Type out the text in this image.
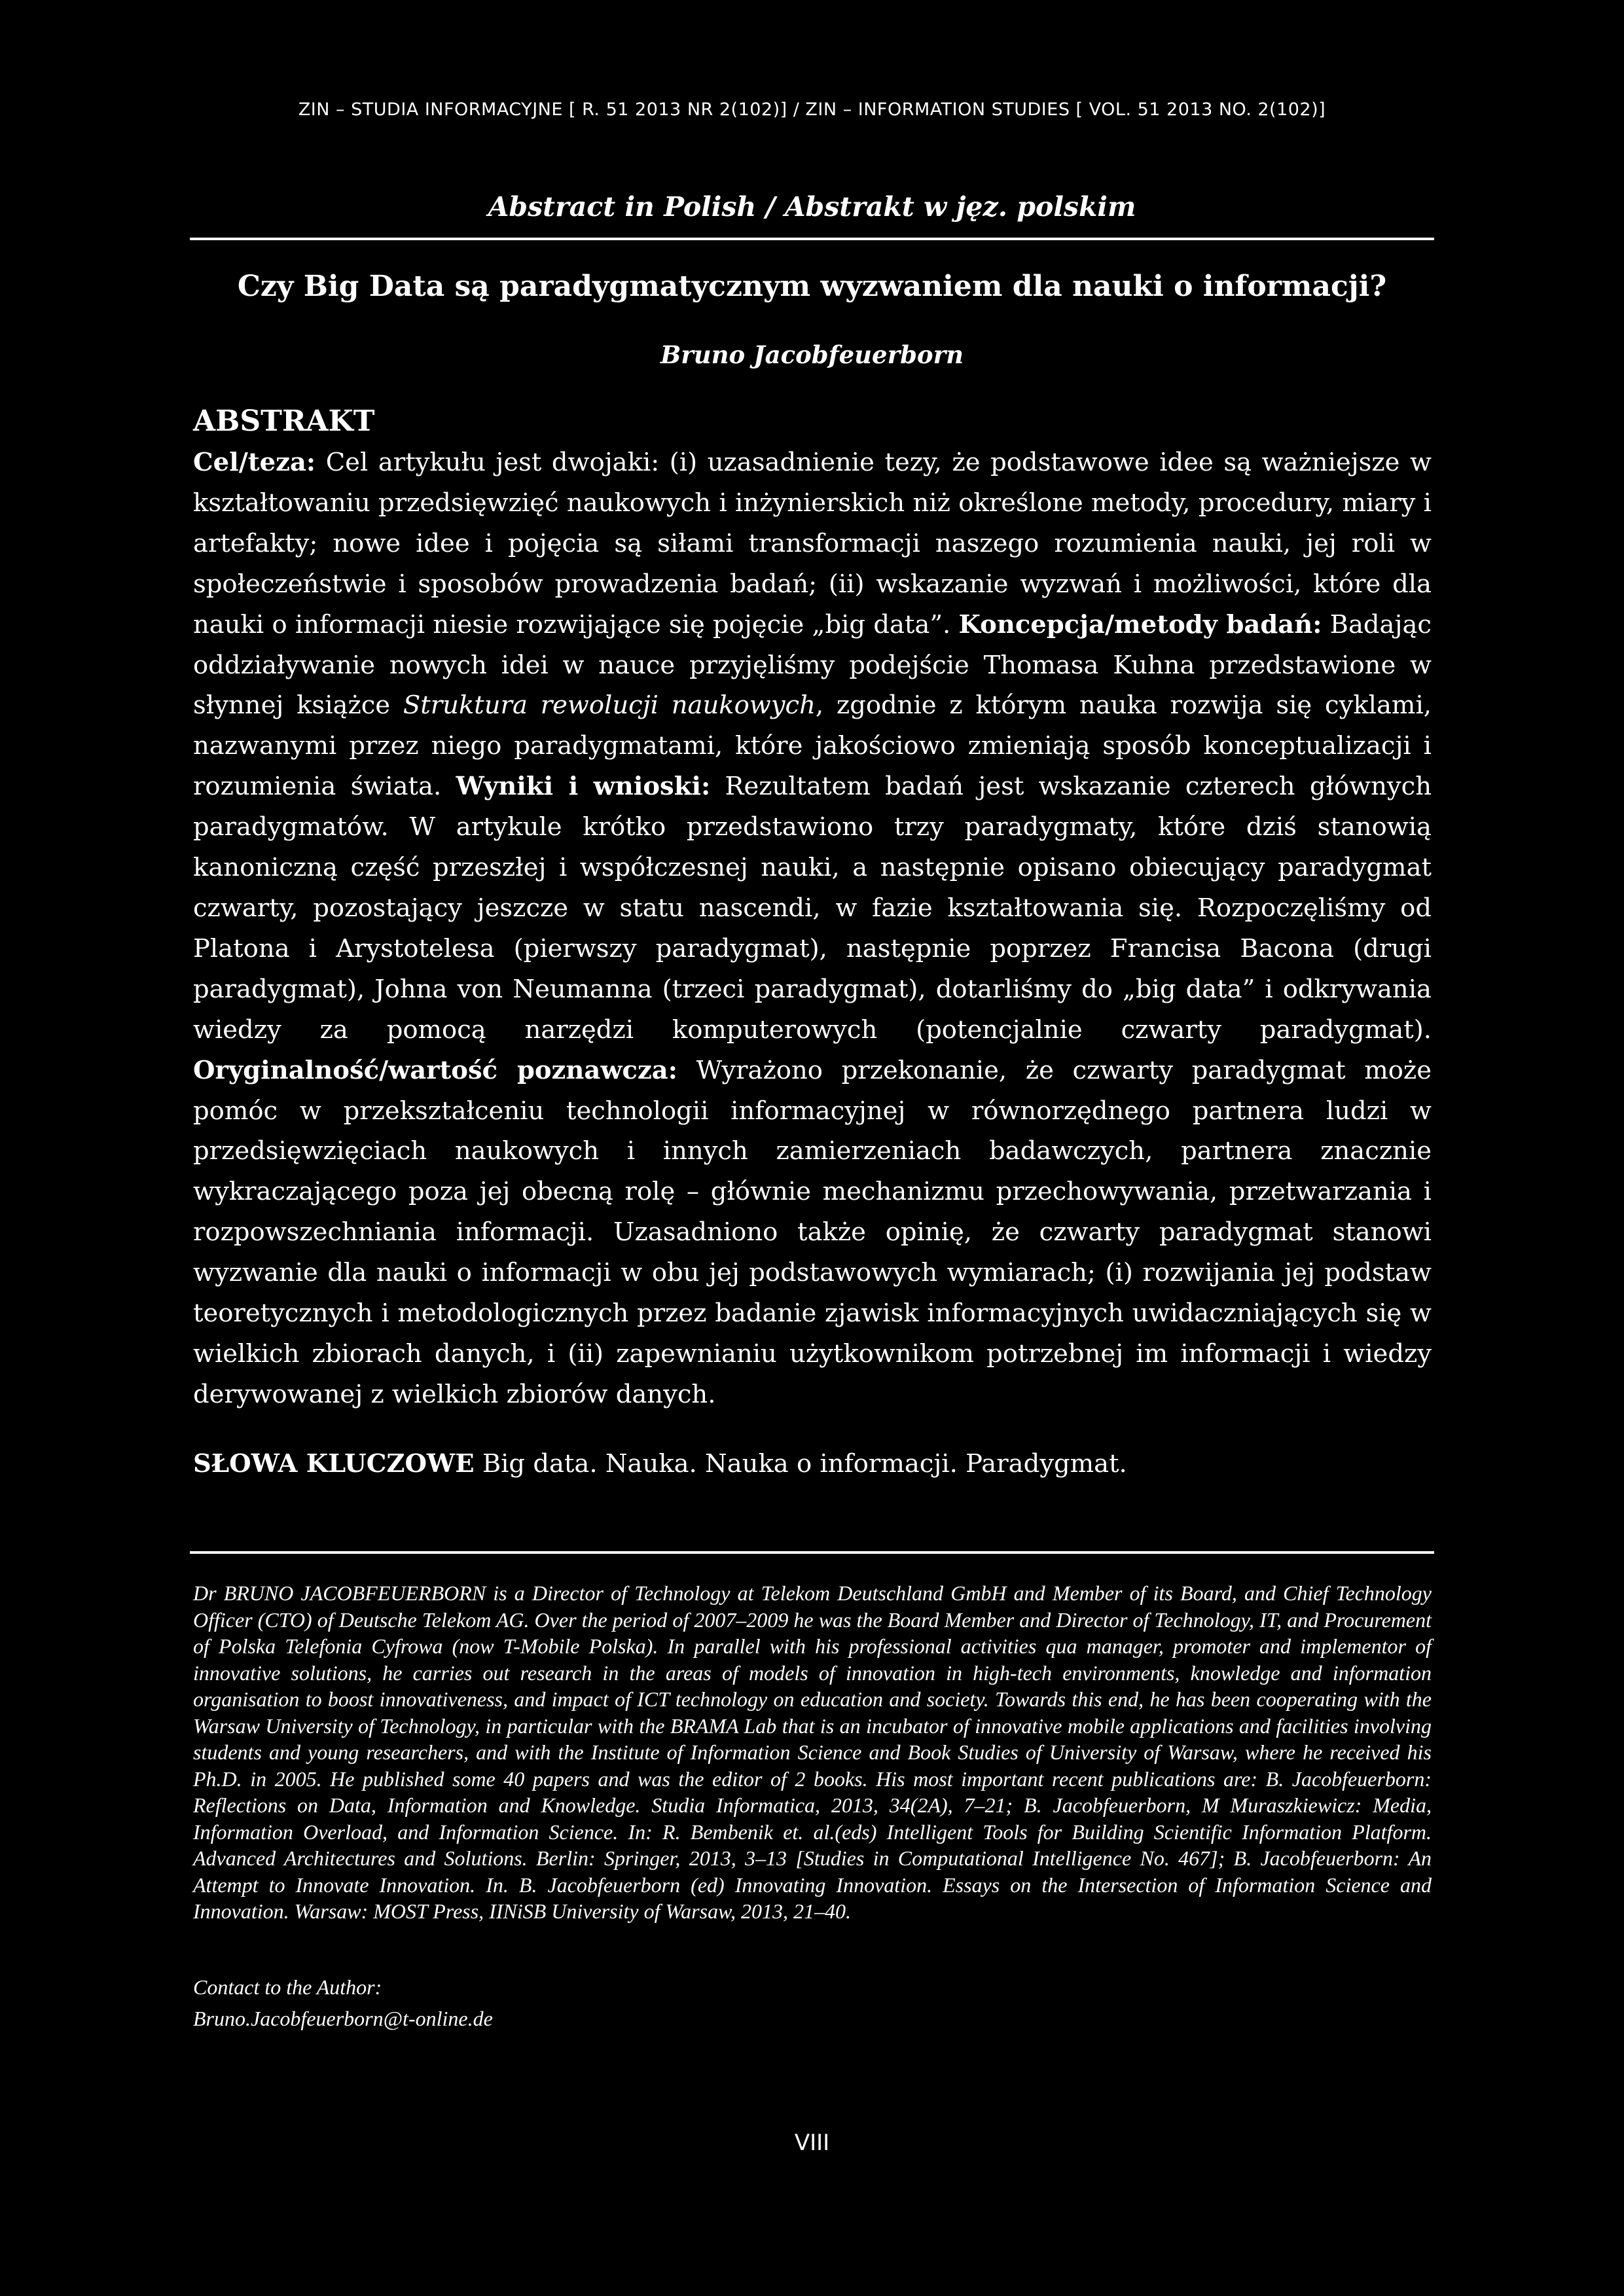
ZIN – STUDIA INFORMACYJNE [ R. 51 2013 NR 2(102)] / ZIN – INFORMATION STUDIES [ VOL. 51 2013 NO. 2(102)]
Abstract in Polish / Abstrakt w jęz. polskim
Czy Big Data są paradygmatycznym wyzwaniem dla nauki o informacji?
Bruno Jacobfeuerborn
ABSTRAKT
Cel/teza: Cel artykułu jest dwojaki: (i) uzasadnienie tezy, że podstawowe idee są ważniejsze w kształtowaniu przedsięwzięć naukowych i inżynierskich niż określone metody, procedury, miary i artefakty; nowe idee i pojęcia są siłami transformacji naszego rozumienia nauki, jej roli w społeczeństwie i sposobów prowadzenia badań; (ii) wskazanie wyzwań i możliwości, które dla nauki o informacji niesie rozwijające się pojęcie „big data”. Koncepcja/metody badań: Badając oddziaływanie nowych idei w nauce przyjęliśmy podejście Thomasa Kuhna przedstawione w słynnej książce Struktura rewolucji naukowych, zgodnie z którym nauka rozwija się cyklami, nazwanymi przez niego paradygmatami, które jakościowo zmieniają sposób konceptualizacji i rozumienia świata. Wyniki i wnioski: Rezultatem badań jest wskazanie czterech głównych paradygmatów. W artykule krótko przedstawiono trzy paradygmaty, które dziś stanowią kanoniczną część przeszłej i współczesnej nauki, a następnie opisano obiecujący paradygmat czwarty, pozostający jeszcze w statu nascendi, w fazie kształtowania się. Rozpoczęliśmy od Platona i Arystotelesa (pierwszy paradygmat), następnie poprzez Francisa Bacona (drugi paradygmat), Johna von Neumanna (trzeci paradygmat), dotarliśmy do „big data” i odkrywania wiedzy za pomocą narzędzi komputerowych (potencjalnie czwarty paradygmat). Oryginalność/wartość poznawcza: Wyrażono przekonanie, że czwarty paradygmat może pomóc w przekształceniu technologii informacyjnej w równorzędnego partnera ludzi w przedsięwzięciach naukowych i innych zamierzeniach badawczych, partnera znacznie wykraczającego poza jej obecną rolę – głównie mechanizmu przechowywania, przetwarzania i rozpowszechniania informacji. Uzasadniono także opinię, że czwarty paradygmat stanowi wyzwanie dla nauki o informacji w obu jej podstawowych wymiarach; (i) rozwijania jej podstaw teoretycznych i metodologicznych przez badanie zjawisk informacyjnych uwidaczniających się w wielkich zbiorach danych, i (ii) zapewnianiu użytkownikom potrzebnej im informacji i wiedzy derywowanej z wielkich zbiorów danych.
SŁOWA KLUCZOWE Big data. Nauka. Nauka o informacji. Paradygmat.
Dr BRUNO JACOBFEUERBORN is a Director of Technology at Telekom Deutschland GmbH and Member of its Board, and Chief Technology Officer (CTO) of Deutsche Telekom AG. Over the period of 2007–2009 he was the Board Member and Director of Technology, IT, and Procurement of Polska Telefonia Cyfrowa (now T-Mobile Polska). In parallel with his professional activities qua manager, promoter and implementor of innovative solutions, he carries out research in the areas of models of innovation in high-tech environments, knowledge and information organisation to boost innovativeness, and impact of ICT technology on education and society. Towards this end, he has been cooperating with the Warsaw University of Technology, in particular with the BRAMA Lab that is an incubator of innovative mobile applications and facilities involving students and young researchers, and with the Institute of Information Science and Book Studies of University of Warsaw, where he received his Ph.D. in 2005. He published some 40 papers and was the editor of 2 books. His most important recent publications are: B. Jacobfeuerborn: Reflections on Data, Information and Knowledge. Studia Informatica, 2013, 34(2A), 7–21; B. Jacobfeuerborn, M Muraszkiewicz: Media, Information Overload, and Information Science. In: R. Bembenik et. al.(eds) Intelligent Tools for Building Scientific Information Platform. Advanced Architectures and Solutions. Berlin: Springer, 2013, 3–13 [Studies in Computational Intelligence No. 467]; B. Jacobfeuerborn: An Attempt to Innovate Innovation. In. B. Jacobfeuerborn (ed) Innovating Innovation. Essays on the Intersection of Information Science and Innovation. Warsaw: MOST Press, IINiSB University of Warsaw, 2013, 21–40.
Contact to the Author:
Bruno.Jacobfeuerborn@t-online.de
VIII
